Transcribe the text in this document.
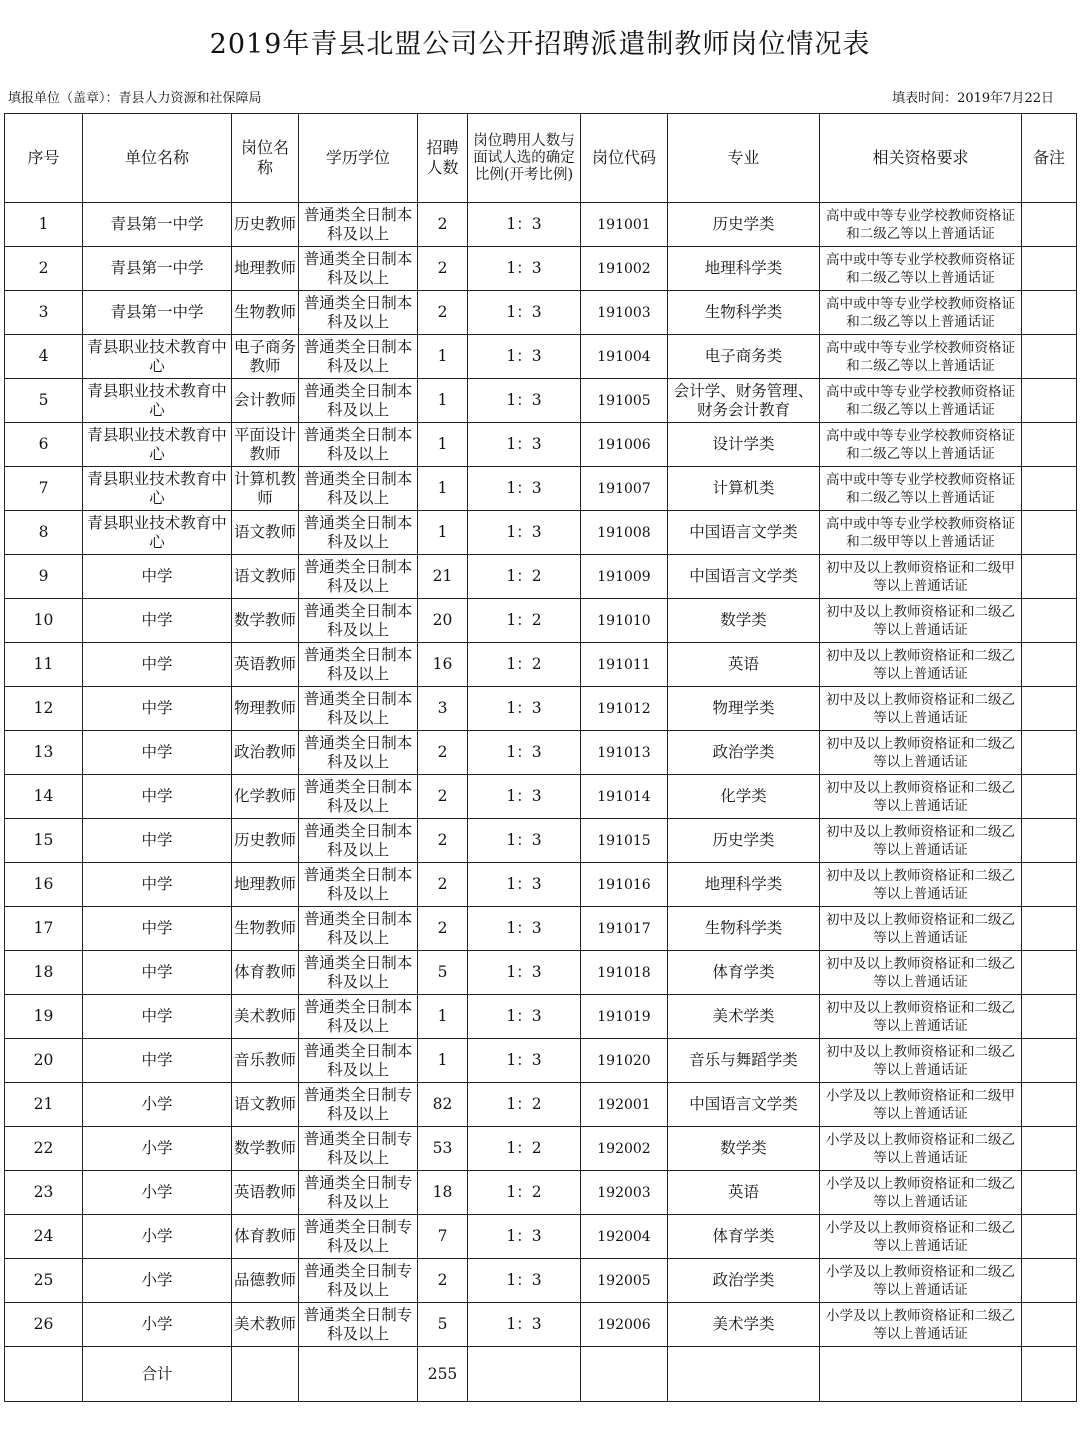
2019年青县北盟公司公开招聘派遣制教师岗位情况表
填报单位（盖章）：青县人力资源和社保障局	填表时间：2019年7月22日
序号	单位名称	岗位名称	学历学位	招聘人数	岗位聘用人数与面试人选的确定比例(开考比例)	岗位代码	专业	相关资格要求	备注
1	青县第一中学	历史教师	普通类全日制本科及以上	2	1：3	191001	历史学类	高中或中等专业学校教师资格证和二级乙等以上普通话证	
2	青县第一中学	地理教师	普通类全日制本科及以上	2	1：3	191002	地理科学类	高中或中等专业学校教师资格证和二级乙等以上普通话证	
3	青县第一中学	生物教师	普通类全日制本科及以上	2	1：3	191003	生物科学类	高中或中等专业学校教师资格证和二级乙等以上普通话证	
4	青县职业技术教育中心	电子商务教师	普通类全日制本科及以上	1	1：3	191004	电子商务类	高中或中等专业学校教师资格证和二级乙等以上普通话证	
5	青县职业技术教育中心	会计教师	普通类全日制本科及以上	1	1：3	191005	会计学、财务管理、财务会计教育	高中或中等专业学校教师资格证和二级乙等以上普通话证	
6	青县职业技术教育中心	平面设计教师	普通类全日制本科及以上	1	1：3	191006	设计学类	高中或中等专业学校教师资格证和二级乙等以上普通话证	
7	青县职业技术教育中心	计算机教师	普通类全日制本科及以上	1	1：3	191007	计算机类	高中或中等专业学校教师资格证和二级乙等以上普通话证	
8	青县职业技术教育中心	语文教师	普通类全日制本科及以上	1	1：3	191008	中国语言文学类	高中或中等专业学校教师资格证和二级甲等以上普通话证	
9	中学	语文教师	普通类全日制本科及以上	21	1：2	191009	中国语言文学类	初中及以上教师资格证和二级甲等以上普通话证	
10	中学	数学教师	普通类全日制本科及以上	20	1：2	191010	数学类	初中及以上教师资格证和二级乙等以上普通话证	
11	中学	英语教师	普通类全日制本科及以上	16	1：2	191011	英语	初中及以上教师资格证和二级乙等以上普通话证	
12	中学	物理教师	普通类全日制本科及以上	3	1：3	191012	物理学类	初中及以上教师资格证和二级乙等以上普通话证	
13	中学	政治教师	普通类全日制本科及以上	2	1：3	191013	政治学类	初中及以上教师资格证和二级乙等以上普通话证	
14	中学	化学教师	普通类全日制本科及以上	2	1：3	191014	化学类	初中及以上教师资格证和二级乙等以上普通话证	
15	中学	历史教师	普通类全日制本科及以上	2	1：3	191015	历史学类	初中及以上教师资格证和二级乙等以上普通话证	
16	中学	地理教师	普通类全日制本科及以上	2	1：3	191016	地理科学类	初中及以上教师资格证和二级乙等以上普通话证	
17	中学	生物教师	普通类全日制本科及以上	2	1：3	191017	生物科学类	初中及以上教师资格证和二级乙等以上普通话证	
18	中学	体育教师	普通类全日制本科及以上	5	1：3	191018	体育学类	初中及以上教师资格证和二级乙等以上普通话证	
19	中学	美术教师	普通类全日制本科及以上	1	1：3	191019	美术学类	初中及以上教师资格证和二级乙等以上普通话证	
20	中学	音乐教师	普通类全日制本科及以上	1	1：3	191020	音乐与舞蹈学类	初中及以上教师资格证和二级乙等以上普通话证	
21	小学	语文教师	普通类全日制专科及以上	82	1：2	192001	中国语言文学类	小学及以上教师资格证和二级甲等以上普通话证	
22	小学	数学教师	普通类全日制专科及以上	53	1：2	192002	数学类	小学及以上教师资格证和二级乙等以上普通话证	
23	小学	英语教师	普通类全日制专科及以上	18	1：2	192003	英语	小学及以上教师资格证和二级乙等以上普通话证	
24	小学	体育教师	普通类全日制专科及以上	7	1：3	192004	体育学类	小学及以上教师资格证和二级乙等以上普通话证	
25	小学	品德教师	普通类全日制专科及以上	2	1：3	192005	政治学类	小学及以上教师资格证和二级乙等以上普通话证	
26	小学	美术教师	普通类全日制专科及以上	5	1：3	192006	美术学类	小学及以上教师资格证和二级乙等以上普通话证	
	合计			255					
